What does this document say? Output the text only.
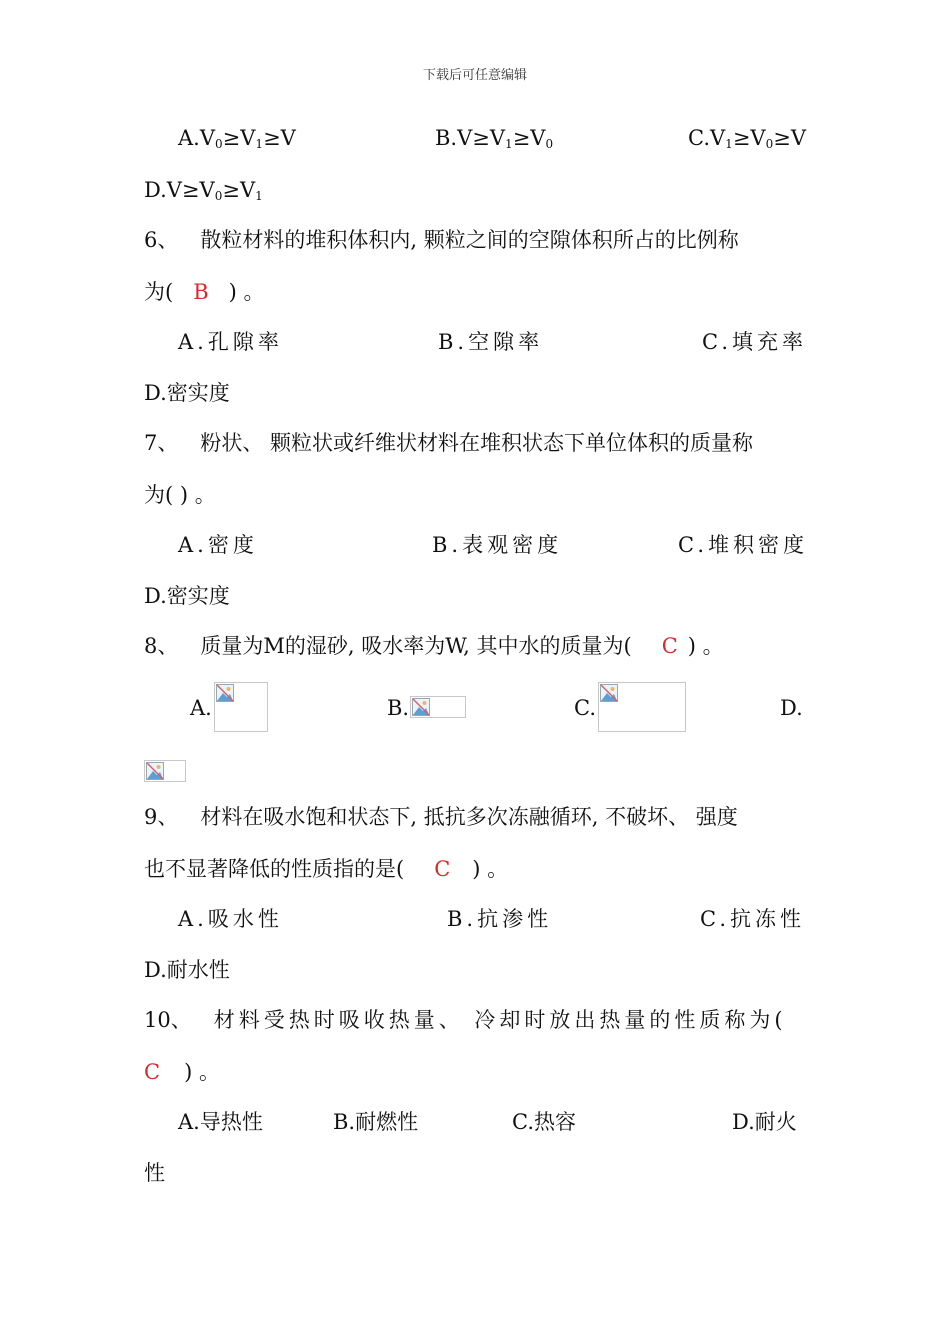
下载后可任意编辑
$A.V_0\ge V_1\ge V$	$B.V\ge V_1\ge V_0$	$C.V_1\ge V_0\ge V$
$D.V\ge V_0\ge V_1$
6、 散粒材料的堆积体积内, 颗粒之间的空隙体积所占的比例称
为( B ) 。
A.孔隙率	B.空隙率	C.填充率
D.密实度
7、 粉状、 颗粒状或纤维状材料在堆积状态下单位体积的质量称
为( ) 。
A.密度	B.表观密度	C.堆积密度
D.密实度
8、 质量为M的湿砂, 吸水率为W, 其中水的质量为( C ) 。
A.	B.	C.	D.
9、 材料在吸水饱和状态下, 抵抗多次冻融循环, 不破坏、 强度
也不显著降低的性质指的是( C ) 。
A.吸水性	B.抗渗性	C.抗冻性
D.耐水性
10、 材料受热时吸收热量、 冷却时放出热量的性质称为(
C ) 。
A.导热性	B.耐燃性	C.热容	D.耐火
性
